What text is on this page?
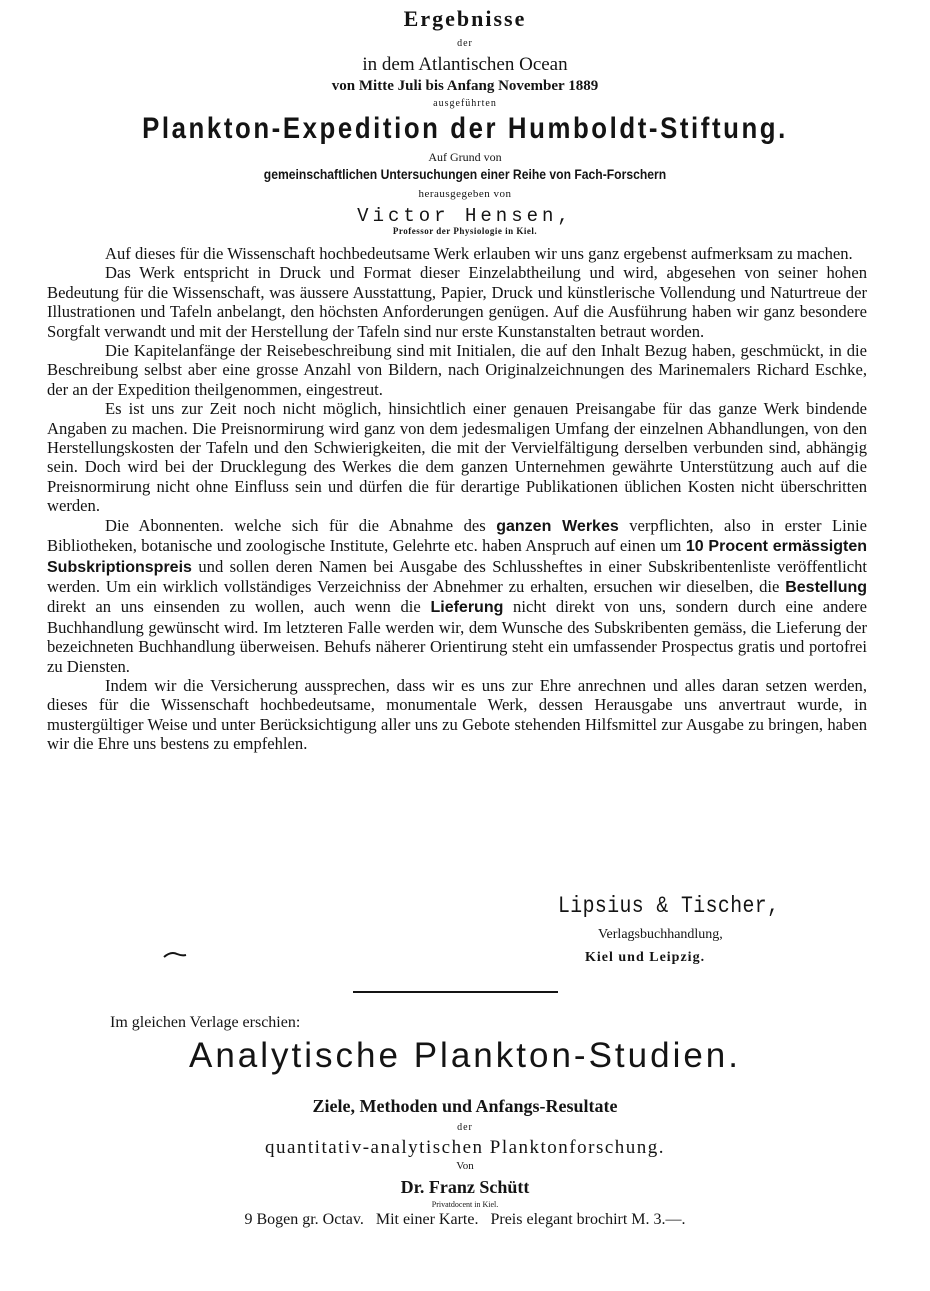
Ergebnisse
der
in dem Atlantischen Ocean
von Mitte Juli bis Anfang November 1889
ausgeführten
Plankton-Expedition der Humboldt-Stiftung.
Auf Grund von
gemeinschaftlichen Untersuchungen einer Reihe von Fach-Forschern
herausgegeben von
Victor Hensen,
Professor der Physiologie in Kiel.

Auf dieses für die Wissenschaft hochbedeutsame Werk erlauben wir uns ganz ergebenst aufmerksam zu machen.

Das Werk entspricht in Druck und Format dieser Einzelabtheilung und wird, abgesehen von seiner hohen Bedeutung für die Wissenschaft, was äussere Ausstattung, Papier, Druck und künstlerische Vollendung und Naturtreue der Illustrationen und Tafeln anbelangt, den höchsten Anforderungen genügen. Auf die Ausführung haben wir ganz besondere Sorgfalt verwandt und mit der Herstellung der Tafeln sind nur erste Kunstanstalten betraut worden.

Die Kapitelanfänge der Reisebeschreibung sind mit Initialen, die auf den Inhalt Bezug haben, geschmückt, in die Beschreibung selbst aber eine grosse Anzahl von Bildern, nach Originalzeichnungen des Marinemalers Richard Eschke, der an der Expedition theilgenommen, eingestreut.

Es ist uns zur Zeit noch nicht möglich, hinsichtlich einer genauen Preisangabe für das ganze Werk bindende Angaben zu machen. Die Preisnormirung wird ganz von dem jedesmaligen Umfang der einzelnen Abhandlungen, von den Herstellungskosten der Tafeln und den Schwierigkeiten, die mit der Vervielfältigung derselben verbunden sind, abhängig sein. Doch wird bei der Drucklegung des Werkes die dem ganzen Unternehmen gewährte Unterstützung auch auf die Preisnormirung nicht ohne Einfluss sein und dürfen die für derartige Publikationen üblichen Kosten nicht überschritten werden.

Die Abonnenten. welche sich für die Abnahme des ganzen Werkes verpflichten, also in erster Linie Bibliotheken, botanische und zoologische Institute, Gelehrte etc. haben Anspruch auf einen um 10 Procent ermässigten Subskriptionspreis und sollen deren Namen bei Ausgabe des Schlussheftes in einer Subskribentenliste veröffentlicht werden. Um ein wirklich vollständiges Verzeichniss der Abnehmer zu erhalten, ersuchen wir dieselben, die Bestellung direkt an uns einsenden zu wollen, auch wenn die Lieferung nicht direkt von uns, sondern durch eine andere Buchhandlung gewünscht wird. Im letzteren Falle werden wir, dem Wunsche des Subskribenten gemäss, die Lieferung der bezeichneten Buchhandlung überweisen. Behufs näherer Orientirung steht ein umfassender Prospectus gratis und portofrei zu Diensten.

Indem wir die Versicherung aussprechen, dass wir es uns zur Ehre anrechnen und alles daran setzen werden, dieses für die Wissenschaft hochbedeutsame, monumentale Werk, dessen Herausgabe uns anvertraut wurde, in mustergültiger Weise und unter Berücksichtigung aller uns zu Gebote stehenden Hilfsmittel zur Ausgabe zu bringen, haben wir die Ehre uns bestens zu empfehlen.

Lipsius & Tischer,
Verlagsbuchhandlung,
Kiel und Leipzig.
Im gleichen Verlage erschien:
Analytische Plankton-Studien.
Ziele, Methoden und Anfangs-Resultate
der
quantitativ-analytischen Planktonforschung.
Von
Dr. Franz Schütt
Privatdocent in Kiel.
9 Bogen gr. Octav.   Mit einer Karte.   Preis elegant brochirt M. 3.—.
